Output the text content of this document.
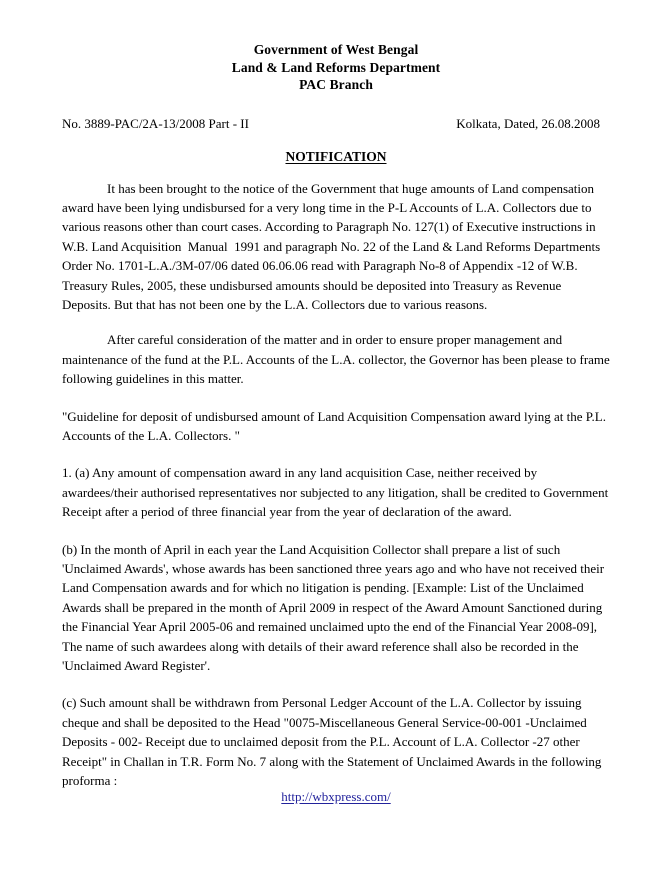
Government of West Bengal
Land & Land Reforms Department
PAC Branch
No. 3889-PAC/2A-13/2008 Part - II	Kolkata, Dated, 26.08.2008
NOTIFICATION

It has been brought to the notice of the Government that huge amounts of Land compensation award have been lying undisbursed for a very long time in the P-L Accounts of L.A. Collectors due to various reasons other than court cases. According to Paragraph No. 127(1) of Executive instructions in W.B. Land Acquisition  Manual  1991 and paragraph No. 22 of the Land & Land Reforms Departments Order No. 1701-L.A./3M-07/06 dated 06.06.06 read with Paragraph No-8 of Appendix -12 of W.B. Treasury Rules, 2005, these undisbursed amounts should be deposited into Treasury as Revenue Deposits. But that has not been one by the L.A. Collectors due to various reasons.

After careful consideration of the matter and in order to ensure proper management and maintenance of the fund at the P.L. Accounts of the L.A. collector, the Governor has been please to frame following guidelines in this matter.

"Guideline for deposit of undisbursed amount of Land Acquisition Compensation award lying at the P.L. Accounts of the L.A. Collectors. "

1. (a) Any amount of compensation award in any land acquisition Case, neither received by awardees/their authorised representatives nor subjected to any litigation, shall be credited to Government Receipt after a period of three financial year from the year of declaration of the award.

(b) In the month of April in each year the Land Acquisition Collector shall prepare a list of such 'Unclaimed Awards', whose awards has been sanctioned three years ago and who have not received their Land Compensation awards and for which no litigation is pending. [Example: List of the Unclaimed Awards shall be prepared in the month of April 2009 in respect of the Award Amount Sanctioned during the Financial Year April 2005-06 and remained unclaimed upto the end of the Financial Year 2008-09], The name of such awardees along with details of their award reference shall also be recorded in the 'Unclaimed Award Register'.

(c) Such amount shall be withdrawn from Personal Ledger Account of the L.A. Collector by issuing cheque and shall be deposited to the Head "0075-Miscellaneous General Service-00-001 -Unclaimed Deposits - 002- Receipt due to unclaimed deposit from the P.L. Account of L.A. Collector -27 other Receipt" in Challan in T.R. Form No. 7 along with the Statement of Unclaimed Awards in the following proforma :

http://wbxpress.com/
